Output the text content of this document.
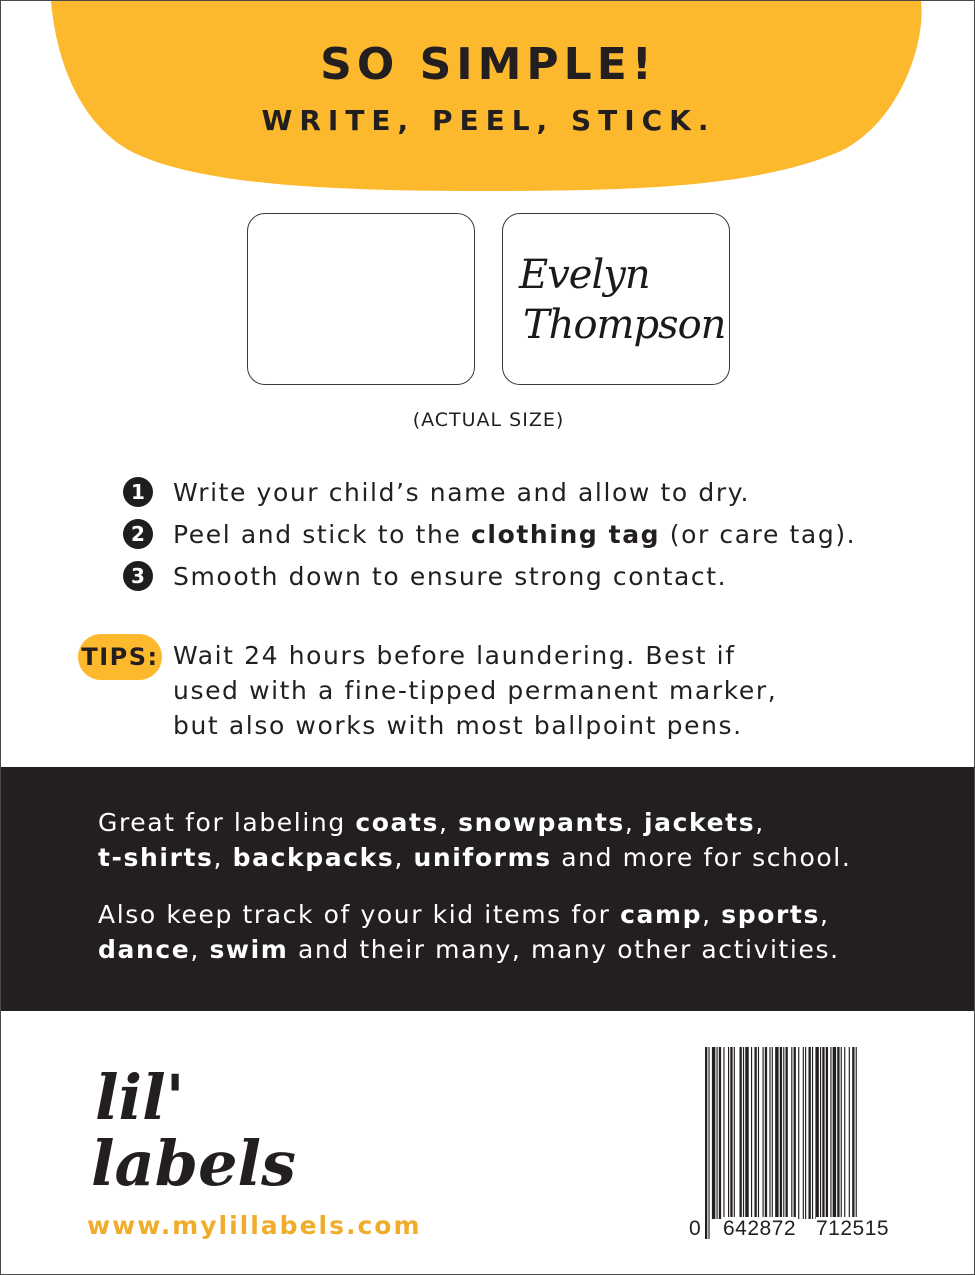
SO SIMPLE!
WRITE, PEEL, STICK.
Evelyn
Thompson
(ACTUAL SIZE)
1	Write your child’s name and allow to dry.
2	Peel and stick to the clothing tag (or care tag).
3	Smooth down to ensure strong contact.
TIPS: Wait 24 hours before laundering. Best if
used with a fine-tipped permanent marker,
but also works with most ballpoint pens.
Great for labeling coats, snowpants, jackets,
t-shirts, backpacks, uniforms and more for school.
Also keep track of your kid items for camp, sports,
dance, swim and their many, many other activities.
lil'
labels
www.mylillabels.com	0 642872 712515
